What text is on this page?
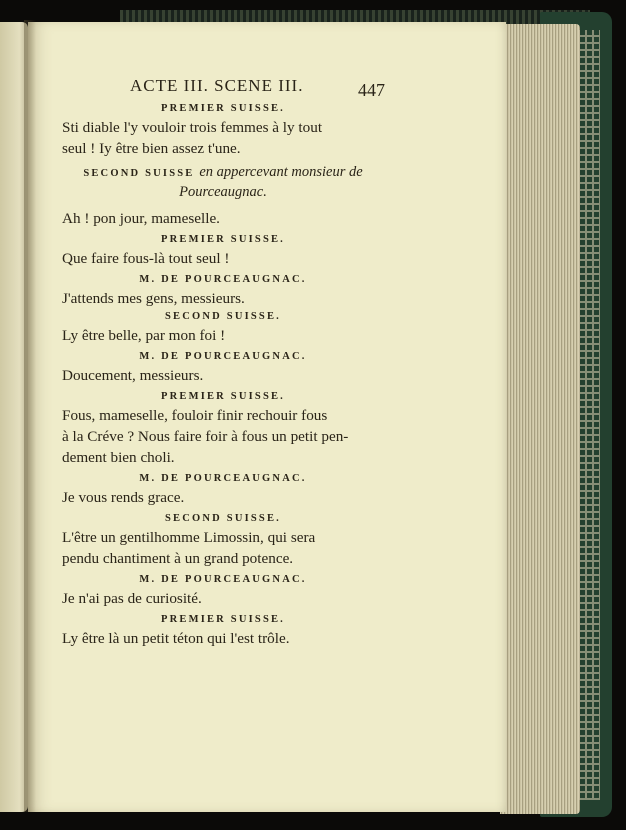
ACTE III. SCENE III.	447
PREMIER SUISSE.
Sti diable l'y vouloir trois femmes à ly tout
seul ! Iy être bien assez t'une.
SECOND SUISSE en appercevant monsieur de
Pourceaugnac.
Ah ! pon jour, mameselle.
PREMIER SUISSE.
Que faire fous-là tout seul !
M. DE POURCEAUGNAC.
J'attends mes gens, messieurs.
SECOND SUISSE.
Ly être belle, par mon foi !
M. DE POURCEAUGNAC.
Doucement, messieurs.
PREMIER SUISSE.
Fous, mameselle, fouloir finir rechouir fous
à la Créve ? Nous faire foir à fous un petit pen-
dement bien choli.
M. DE POURCEAUGNAC.
Je vous rends grace.
SECOND SUISSE.
L'être un gentilhomme Limossin, qui sera
pendu chantiment à un grand potence.
M. DE POURCEAUGNAC.
Je n'ai pas de curiosité.
PREMIER SUISSE.
Ly être là un petit téton qui l'est trôle.
